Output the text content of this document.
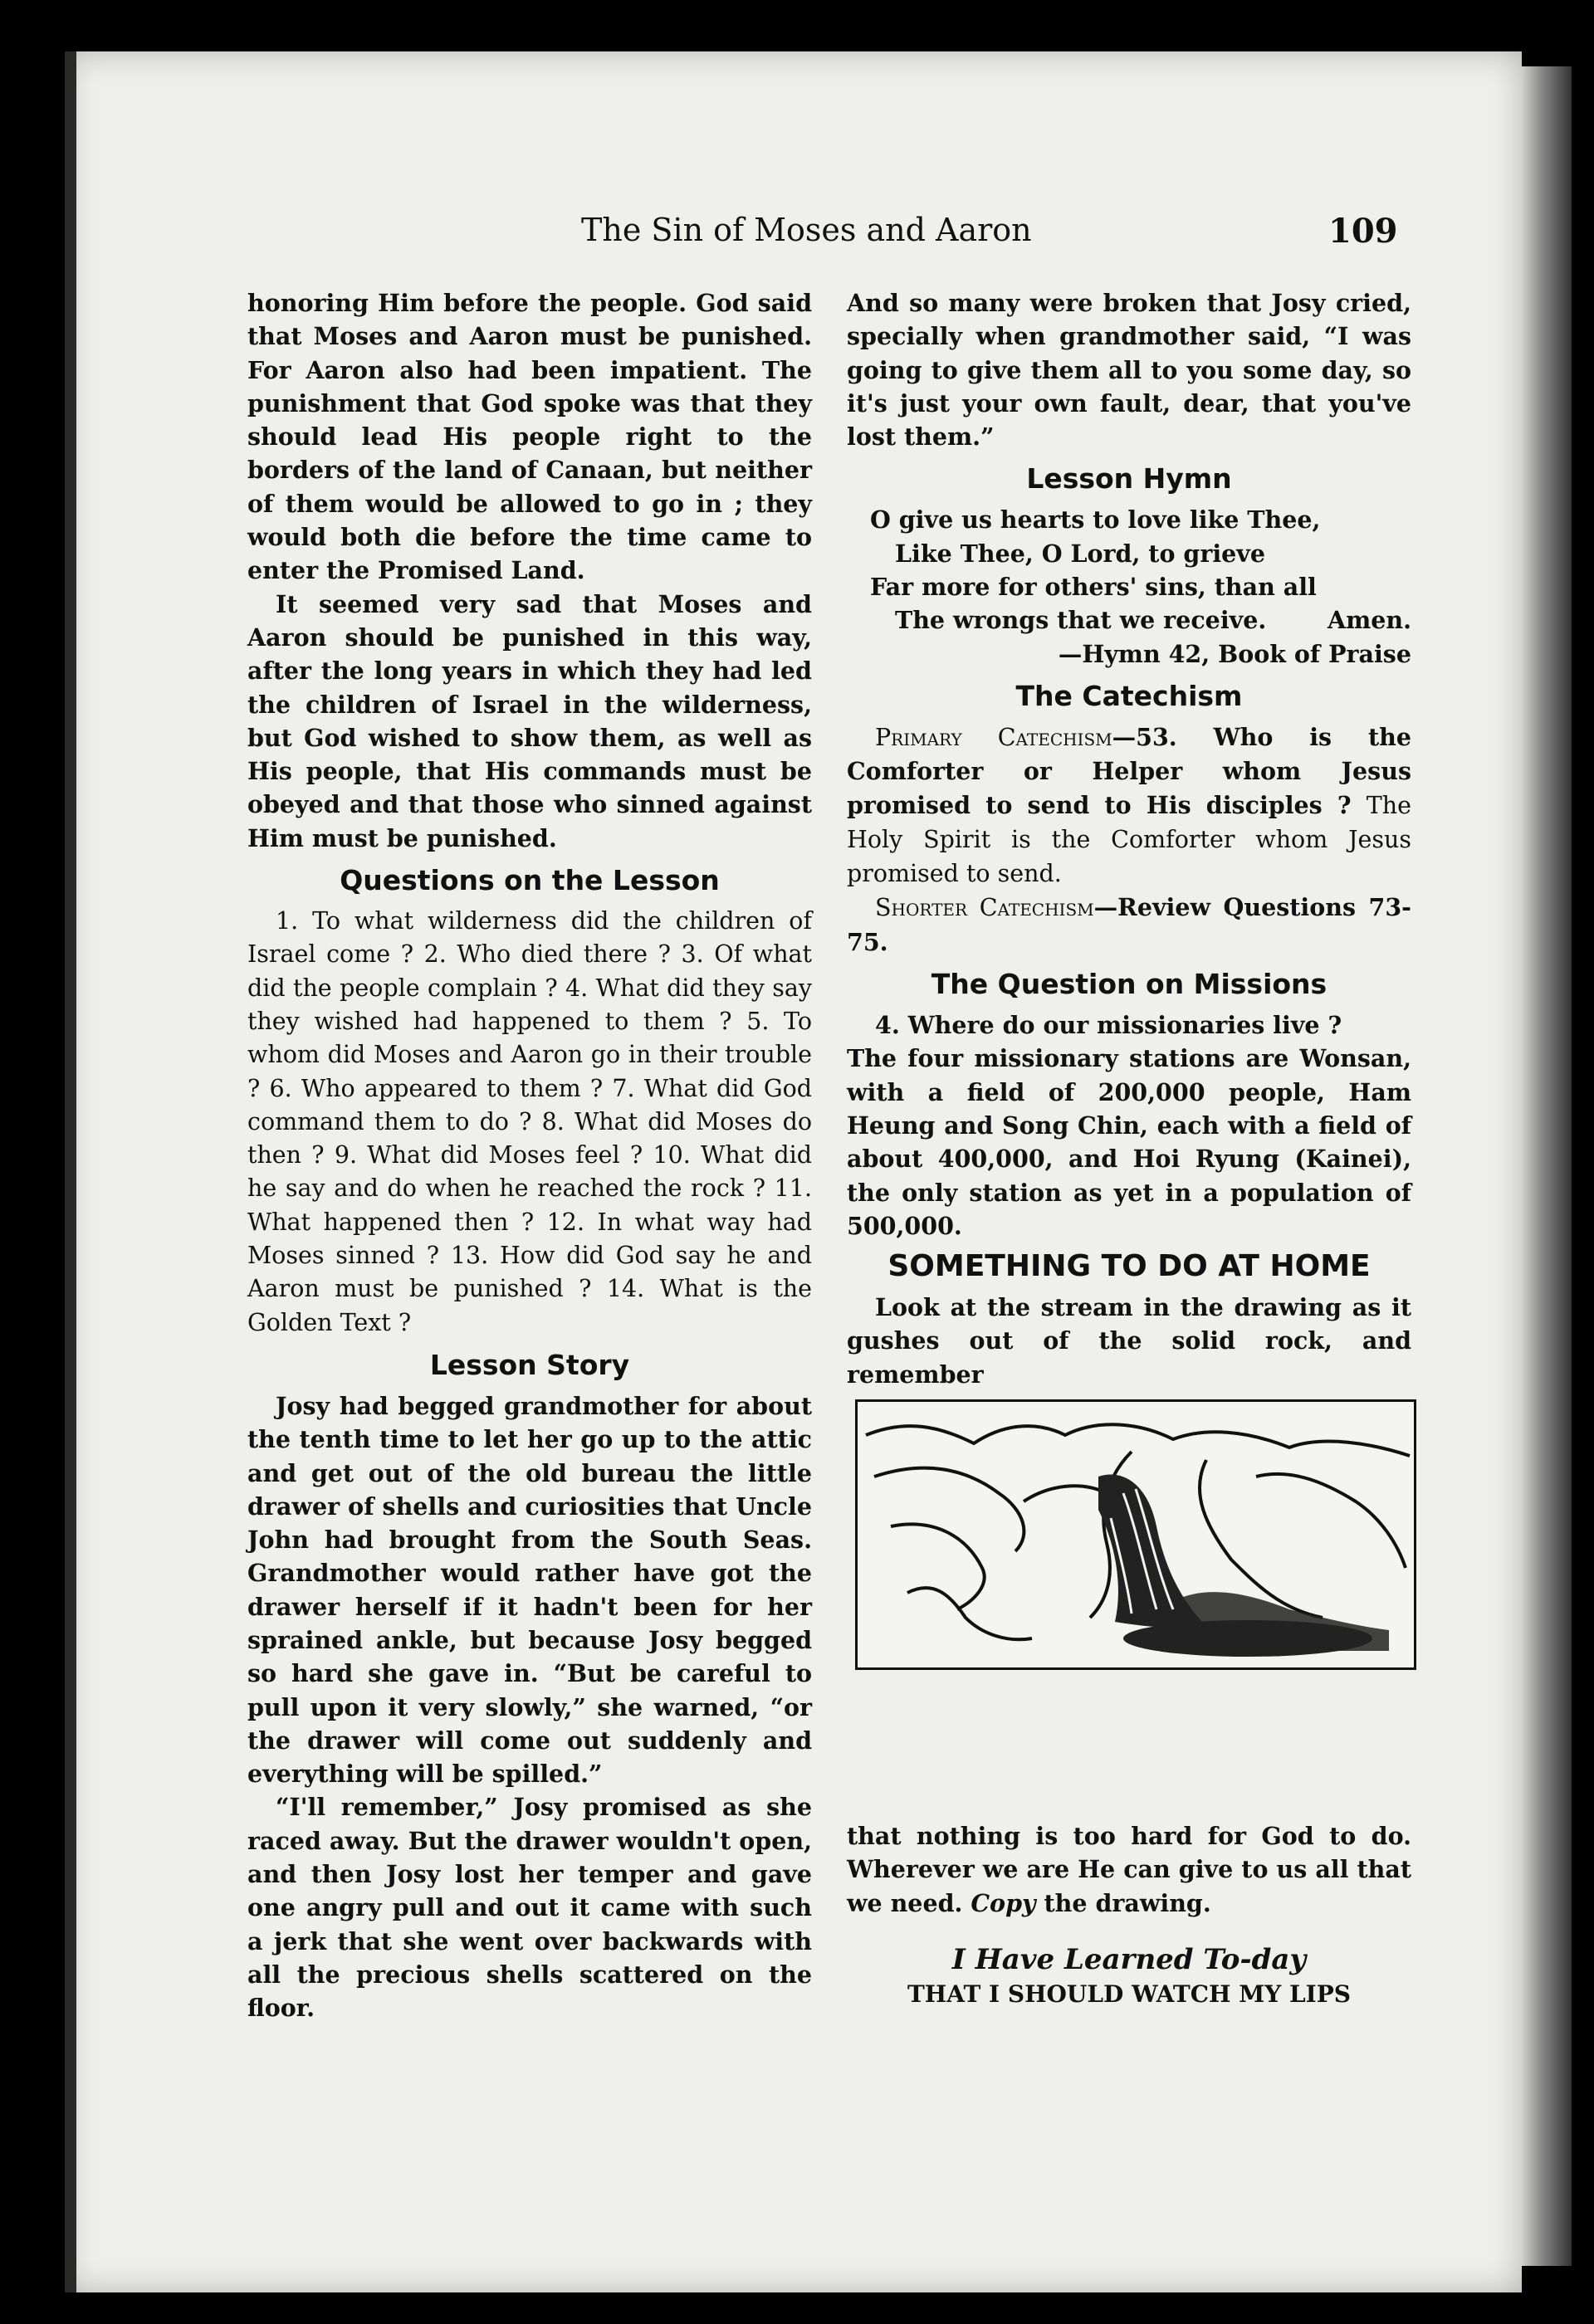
The Sin of Moses and Aaron	109

honoring Him before the people. God said that Moses and Aaron must be punished. For Aaron also had been impatient. The punishment that God spoke was that they should lead His people right to the borders of the land of Canaan, but neither of them would be allowed to go in ; they would both die before the time came to enter the Promised Land.

It seemed very sad that Moses and Aaron should be punished in this way, after the long years in which they had led the children of Israel in the wilderness, but God wished to show them, as well as His people, that His commands must be obeyed and that those who sinned against Him must be punished.

Questions on the Lesson

1. To what wilderness did the children of Israel come ? 2. Who died there ? 3. Of what did the people complain ? 4. What did they say they wished had happened to them ? 5. To whom did Moses and Aaron go in their trouble ? 6. Who appeared to them ? 7. What did God command them to do ? 8. What did Moses do then ? 9. What did Moses feel ? 10. What did he say and do when he reached the rock ? 11. What happened then ? 12. In what way had Moses sinned ? 13. How did God say he and Aaron must be punished ? 14. What is the Golden Text ?

Lesson Story

Josy had begged grandmother for about the tenth time to let her go up to the attic and get out of the old bureau the little drawer of shells and curiosities that Uncle John had brought from the South Seas. Grandmother would rather have got the drawer herself if it hadn't been for her sprained ankle, but because Josy begged so hard she gave in. “But be careful to pull upon it very slowly,” she warned, “or the drawer will come out suddenly and everything will be spilled.”

“I'll remember,” Josy promised as she raced away. But the drawer wouldn't open, and then Josy lost her temper and gave one angry pull and out it came with such a jerk that she went over backwards with all the precious shells scattered on the floor.

And so many were broken that Josy cried, specially when grandmother said, “I was going to give them all to you some day, so it's just your own fault, dear, that you've lost them.”

Lesson Hymn
O give us hearts to love like Thee,
Like Thee, O Lord, to grieve
Far more for others' sins, than all
The wrongs that we receive.	Amen.
—Hymn 42, Book of Praise
The Catechism

Primary Catechism—53. Who is the Comforter or Helper whom Jesus promised to send to His disciples ? The Holy Spirit is the Comforter whom Jesus promised to send.

Shorter Catechism—Review Questions 73-75.

The Question on Missions

4. Where do our missionaries live ?

The four missionary stations are Wonsan, with a field of 200,000 people, Ham Heung and Song Chin, each with a field of about 400,000, and Hoi Ryung (Kainei), the only station as yet in a population of 500,000.

SOMETHING TO DO AT HOME

Look at the stream in the drawing as it gushes out of the solid rock, and remember

that nothing is too hard for God to do. Wherever we are He can give to us all that we need. Copy the drawing.

I Have Learned To-day
THAT I SHOULD WATCH MY LIPS
